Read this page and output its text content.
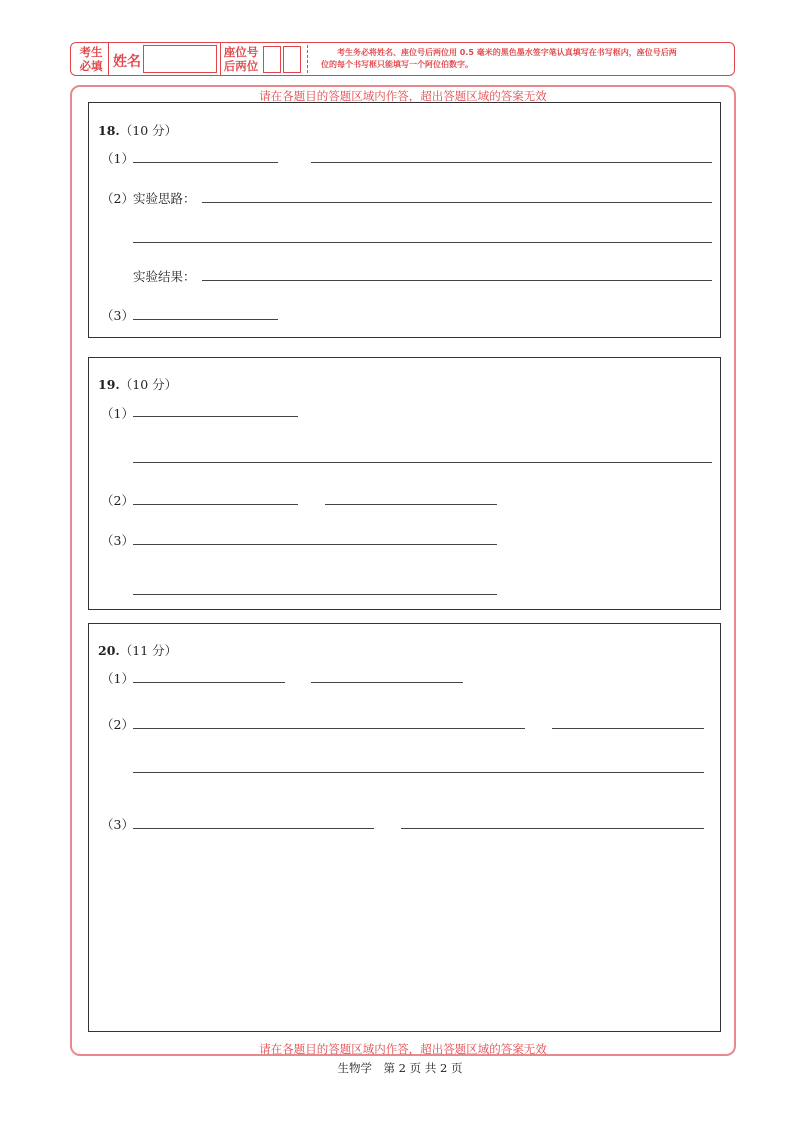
考生
必填 姓名
座位号
后两位
考生务必将姓名、座位号后两位用 0.5 毫米的黑色墨水签字笔认真填写在书写框内，座位号后两
位的每个书写框只能填写一个阿位伯数字。
请在各题目的答题区域内作答，超出答题区域的答案无效
18.（10 分）
（1）
（2） 实验思路：
实验结果：
（3）
19.（10 分）
（1）
（2）
（3）
20.（11 分）
（1）
（2）
（3）
请在各题目的答题区域内作答，超出答题区域的答案无效
生物学　第 2 页 共 2 页
